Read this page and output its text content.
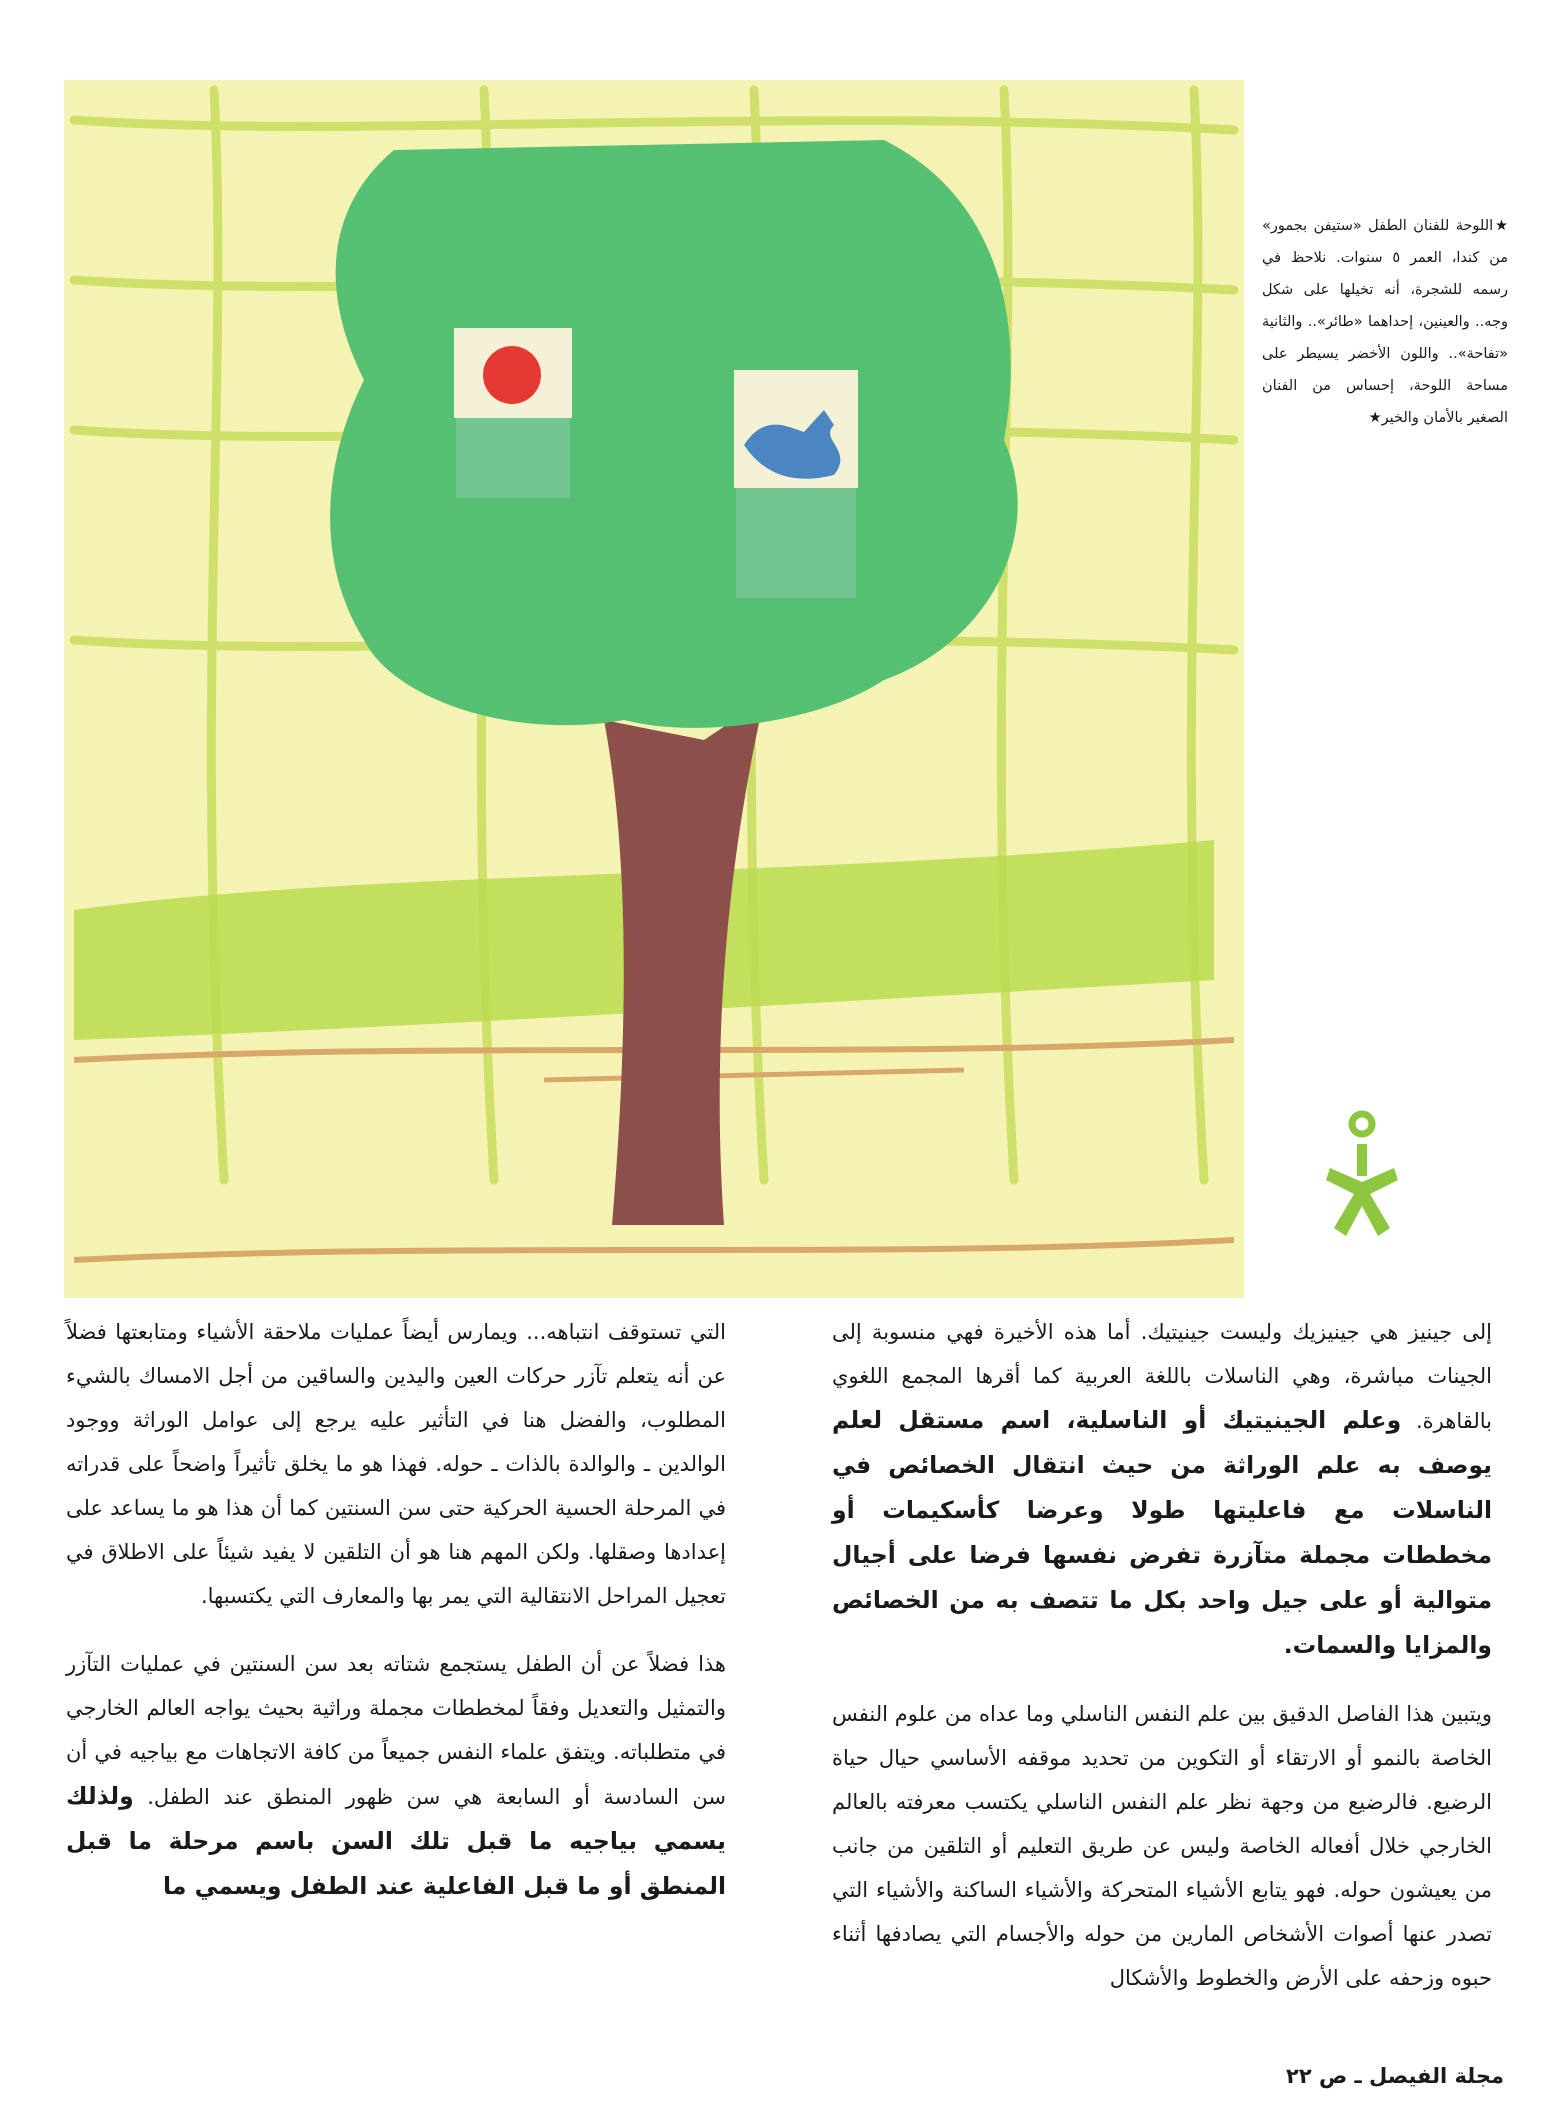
★اللوحة للفنان الطفل «ستيفن بجمور» من كندا، العمر ٥ سنوات. نلاحظ في رسمه للشجرة، أنه تخيلها على شكل وجه.. والعينين، إحداهما «طائر».. والثانية «تفاحة».. واللون الأخضر يسيطر على مساحة اللوحة، إحساس من الفنان الصغير بالأمان والخير★

إلى جينيز هي جينيزيك وليست جينيتيك. أما هذه الأخيرة فهي منسوبة إلى الجينات مباشرة، وهي الناسلات باللغة العربية كما أقرها المجمع اللغوي بالقاهرة. وعلم الجينيتيك أو الناسلية، اسم مستقل لعلم يوصف به علم الوراثة من حيث انتقال الخصائص في الناسلات مع فاعليتها طولا وعرضا كأسكيمات أو مخططات مجملة متآزرة تفرض نفسها فرضا على أجيال متوالية أو على جيل واحد بكل ما تتصف به من الخصائص والمزايا والسمات.

ويتبين هذا الفاصل الدقيق بين علم النفس الناسلي وما عداه من علوم النفس الخاصة بالنمو أو الارتقاء أو التكوين من تحديد موقفه الأساسي حيال حياة الرضيع. فالرضيع من وجهة نظر علم النفس الناسلي يكتسب معرفته بالعالم الخارجي خلال أفعاله الخاصة وليس عن طريق التعليم أو التلقين من جانب من يعيشون حوله. فهو يتابع الأشياء المتحركة والأشياء الساكنة والأشياء التي تصدر عنها أصوات الأشخاص المارين من حوله والأجسام التي يصادفها أثناء حبوه وزحفه على الأرض والخطوط والأشكال

التي تستوقف انتباهه... ويمارس أيضاً عمليات ملاحقة الأشياء ومتابعتها فضلاً عن أنه يتعلم تآزر حركات العين واليدين والساقين من أجل الامساك بالشيء المطلوب، والفضل هنا في التأثير عليه يرجع إلى عوامل الوراثة ووجود الوالدين ـ والوالدة بالذات ـ حوله. فهذا هو ما يخلق تأثيراً واضحاً على قدراته في المرحلة الحسية الحركية حتى سن السنتين كما أن هذا هو ما يساعد على إعدادها وصقلها. ولكن المهم هنا هو أن التلقين لا يفيد شيئاً على الاطلاق في تعجيل المراحل الانتقالية التي يمر بها والمعارف التي يكتسبها.

هذا فضلاً عن أن الطفل يستجمع شتاته بعد سن السنتين في عمليات التآزر والتمثيل والتعديل وفقاً لمخططات مجملة وراثية بحيث يواجه العالم الخارجي في متطلباته. ويتفق علماء النفس جميعاً من كافة الاتجاهات مع بياجيه في أن سن السادسة أو السابعة هي سن ظهور المنطق عند الطفل. ولذلك يسمي بياجيه ما قبل تلك السن باسم مرحلة ما قبل المنطق أو ما قبل الفاعلية عند الطفل ويسمي ما

مجلة الفيصل ـ ص ٢٢
